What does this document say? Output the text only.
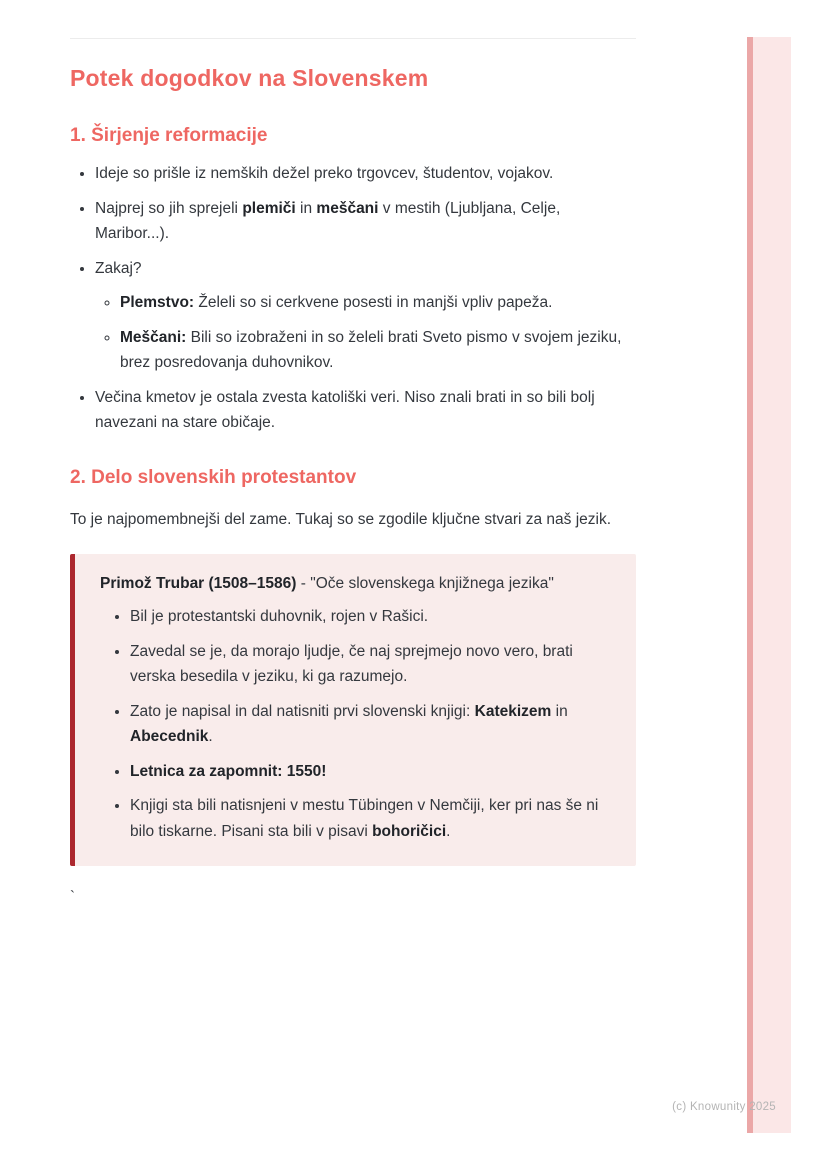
Potek dogodkov na Slovenskem
1. Širjenje reformacije
• Ideje so prišle iz nemških dežel preko trgovcev, študentov, vojakov.
• Najprej so jih sprejeli plemiči in meščani v mestih (Ljubljana, Celje, Maribor...).
• Zakaj?
◦ Plemstvo: Želeli so si cerkvene posesti in manjši vpliv papeža.
◦ Meščani: Bili so izobraženi in so želeli brati Sveto pismo v svojem jeziku, brez posredovanja duhovnikov.
• Večina kmetov je ostala zvesta katoliški veri. Niso znali brati in so bili bolj navezani na stare običaje.
2. Delo slovenskih protestantov

To je najpomembnejši del zame. Tukaj so se zgodile ključne stvari za naš jezik.

Primož Trubar (1508–1586) - "Oče slovenskega knjižnega jezika"

• Bil je protestantski duhovnik, rojen v Rašici.
• Zavedal se je, da morajo ljudje, če naj sprejmejo novo vero, brati verska besedila v jeziku, ki ga razumejo.
• Zato je napisal in dal natisniti prvi slovenski knjigi: Katekizem in Abecednik.
• Letnica za zapomnit: 1550!
• Knjigi sta bili natisnjeni v mestu Tübingen v Nemčiji, ker pri nas še ni bilo tiskarne. Pisani sta bili v pisavi bohoričici.
`
(c) Knowunity 2025
